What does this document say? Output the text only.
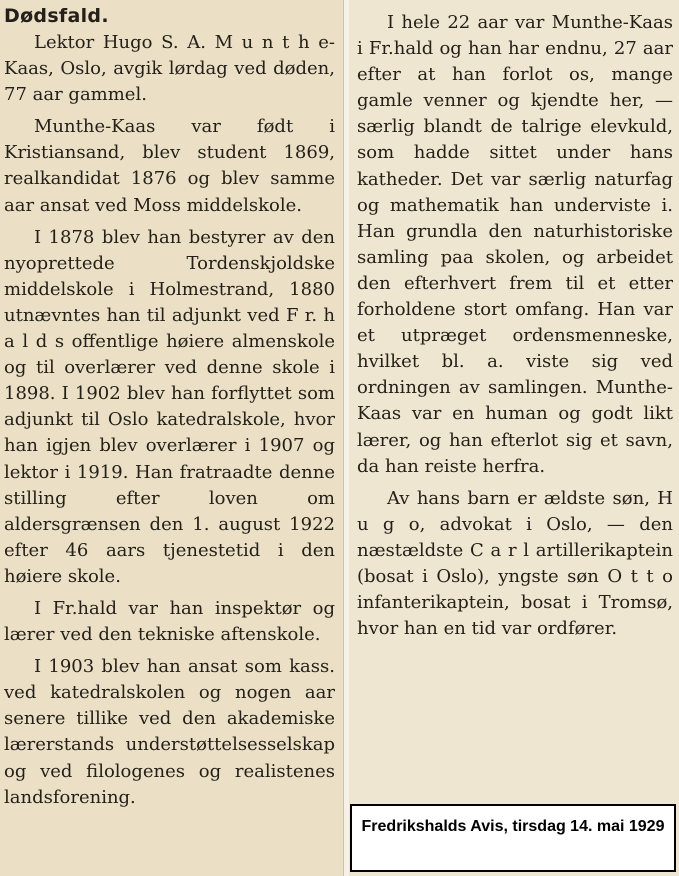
Dødsfald.

Lektor Hugo S. A. M u n t h e-Kaas, Oslo, avgik lørdag ved døden, 77 aar gammel.

Munthe-Kaas var født i Kristiansand, blev student 1869, realkandidat 1876 og blev samme aar ansat ved Moss middelskole.

I 1878 blev han bestyrer av den nyoprettede Tordenskjoldske middelskole i Holmestrand, 1880 utnævntes han til adjunkt ved F r. h a l d s offentlige høiere almenskole og til overlærer ved denne skole i 1898. I 1902 blev han forflyttet som adjunkt til Oslo katedralskole, hvor han igjen blev overlærer i 1907 og lektor i 1919. Han fratraadte denne stilling efter loven om aldersgrænsen den 1. august 1922 efter 46 aars tjenestetid i den høiere skole.

I Fr.hald var han inspektør og lærer ved den tekniske aftenskole.

I 1903 blev han ansat som kass. ved katedralskolen og nogen aar senere tillike ved den akademiske lærerstands understøttelsesselskap og ved filologenes og realistenes landsforening.

I hele 22 aar var Munthe-Kaas i Fr.hald og han har endnu, 27 aar efter at han forlot os, mange gamle venner og kjendte her, — særlig blandt de talrige elevkuld, som hadde sittet under hans katheder. Det var særlig naturfag og mathematik han underviste i. Han grundla den naturhistoriske samling paa skolen, og arbeidet den efterhvert frem til et etter forholdene stort omfang. Han var et utpræget ordensmenneske, hvilket bl. a. viste sig ved ordningen av samlingen. Munthe-Kaas var en human og godt likt lærer, og han efterlot sig et savn, da han reiste herfra.

Av hans barn er ældste søn, H u g o, advokat i Oslo, — den næstældste C a r l artillerikaptein (bosat i Oslo), yngste søn O t t o infanterikaptein, bosat i Tromsø, hvor han en tid var ordfører.

Fredrikshalds Avis, tirsdag 14. mai 1929
